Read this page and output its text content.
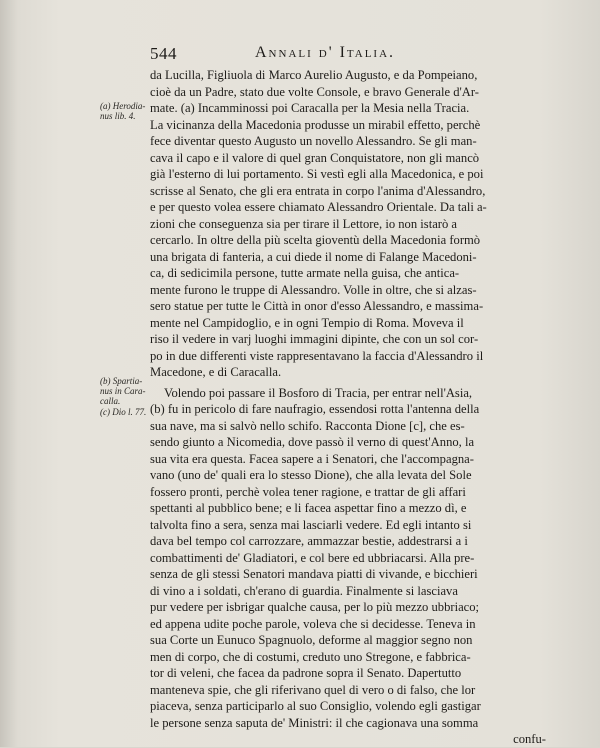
544	Annali d' Italia.
(a) Herodia-
nus lib. 4.
(b) Spartia-
nus in Cara-
calla.
(c) Dio l. 77.
da Lucilla, Figliuola di Marco Aurelio Augusto, e da Pompeiano,
cioè da un Padre, stato due volte Console, e bravo Generale d'Ar-
mate. (a) Incamminossi poi Caracalla per la Mesia nella Tracia.
La vicinanza della Macedonia produsse un mirabil effetto, perchè
fece diventar questo Augusto un novello Alessandro. Se gli man-
cava il capo e il valore di quel gran Conquistatore, non gli mancò
già l'esterno di lui portamento. Si vestì egli alla Macedonica, e poi
scrisse al Senato, che gli era entrata in corpo l'anima d'Alessandro,
e per questo volea essere chiamato Alessandro Orientale. Da tali a-
zioni che conseguenza sia per tirare il Lettore, io non istarò a
cercarlo. In oltre della più scelta gioventù della Macedonia formò
una brigata di fanteria, a cui diede il nome di Falange Macedoni-
ca, di sedicimila persone, tutte armate nella guisa, che antica-
mente furono le truppe di Alessandro. Volle in oltre, che si alzas-
sero statue per tutte le Città in onor d'esso Alessandro, e massima-
mente nel Campidoglio, e in ogni Tempio di Roma. Moveva il
riso il vedere in varj luoghi immagini dipinte, che con un sol cor-
po in due differenti viste rappresentavano la faccia d'Alessandro il
Macedone, e di Caracalla.
Volendo poi passare il Bosforo di Tracia, per entrar nell'Asia,
(b) fu in pericolo di fare naufragio, essendosi rotta l'antenna della
sua nave, ma si salvò nello schifo. Racconta Dione [c], che es-
sendo giunto a Nicomedia, dove passò il verno di quest'Anno, la
sua vita era questa. Facea sapere a i Senatori, che l'accompagna-
vano (uno de' quali era lo stesso Dione), che alla levata del Sole
fossero pronti, perchè volea tener ragione, e trattar de gli affari
spettanti al pubblico bene; e li facea aspettar fino a mezzo dì, e
talvolta fino a sera, senza mai lasciarli vedere. Ed egli intanto si
dava bel tempo col carrozzare, ammazzar bestie, addestrarsi a i
combattimenti de' Gladiatori, e col bere ed ubbriacarsi. Alla pre-
senza de gli stessi Senatori mandava piatti di vivande, e bicchieri
di vino a i soldati, ch'erano di guardia. Finalmente si lasciava
pur vedere per isbrigar qualche causa, per lo più mezzo ubbriaco;
ed appena udite poche parole, voleva che si decidesse. Teneva in
sua Corte un Eunuco Spagnuolo, deforme al maggior segno non
men di corpo, che di costumi, creduto uno Stregone, e fabbrica-
tor di veleni, che facea da padrone sopra il Senato. Dapertutto
manteneva spie, che gli riferivano quel di vero o di falso, che lor
piaceva, senza participarlo al suo Consiglio, volendo egli gastigar
le persone senza saputa de' Ministri: il che cagionava una somma
confu-
